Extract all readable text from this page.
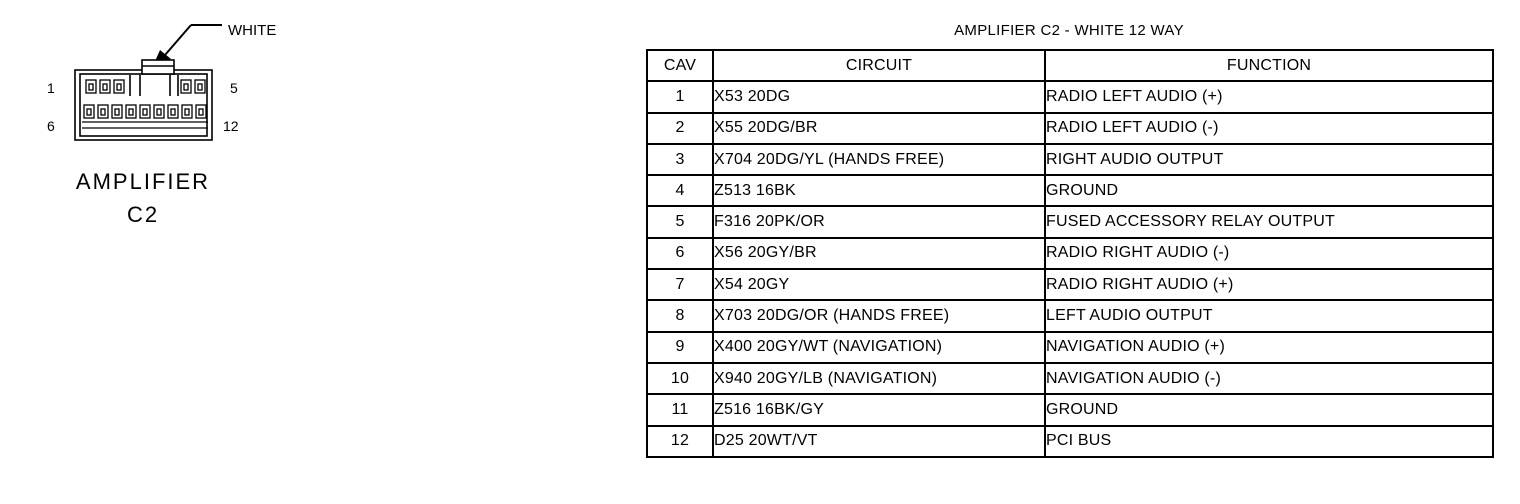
WHITE
1	5
6	12
AMPLIFIER
C2
AMPLIFIER C2 - WHITE 12 WAY
CAV	CIRCUIT	FUNCTION
1	X53 20DG	RADIO LEFT AUDIO (+)
2	X55 20DG/BR	RADIO LEFT AUDIO (-)
3	X704 20DG/YL (HANDS FREE)	RIGHT AUDIO OUTPUT
4	Z513 16BK	GROUND
5	F316 20PK/OR	FUSED ACCESSORY RELAY OUTPUT
6	X56 20GY/BR	RADIO RIGHT AUDIO (-)
7	X54 20GY	RADIO RIGHT AUDIO (+)
8	X703 20DG/OR (HANDS FREE)	LEFT AUDIO OUTPUT
9	X400 20GY/WT (NAVIGATION)	NAVIGATION AUDIO (+)
10	X940 20GY/LB (NAVIGATION)	NAVIGATION AUDIO (-)
11	Z516 16BK/GY	GROUND
12	D25 20WT/VT	PCI BUS
